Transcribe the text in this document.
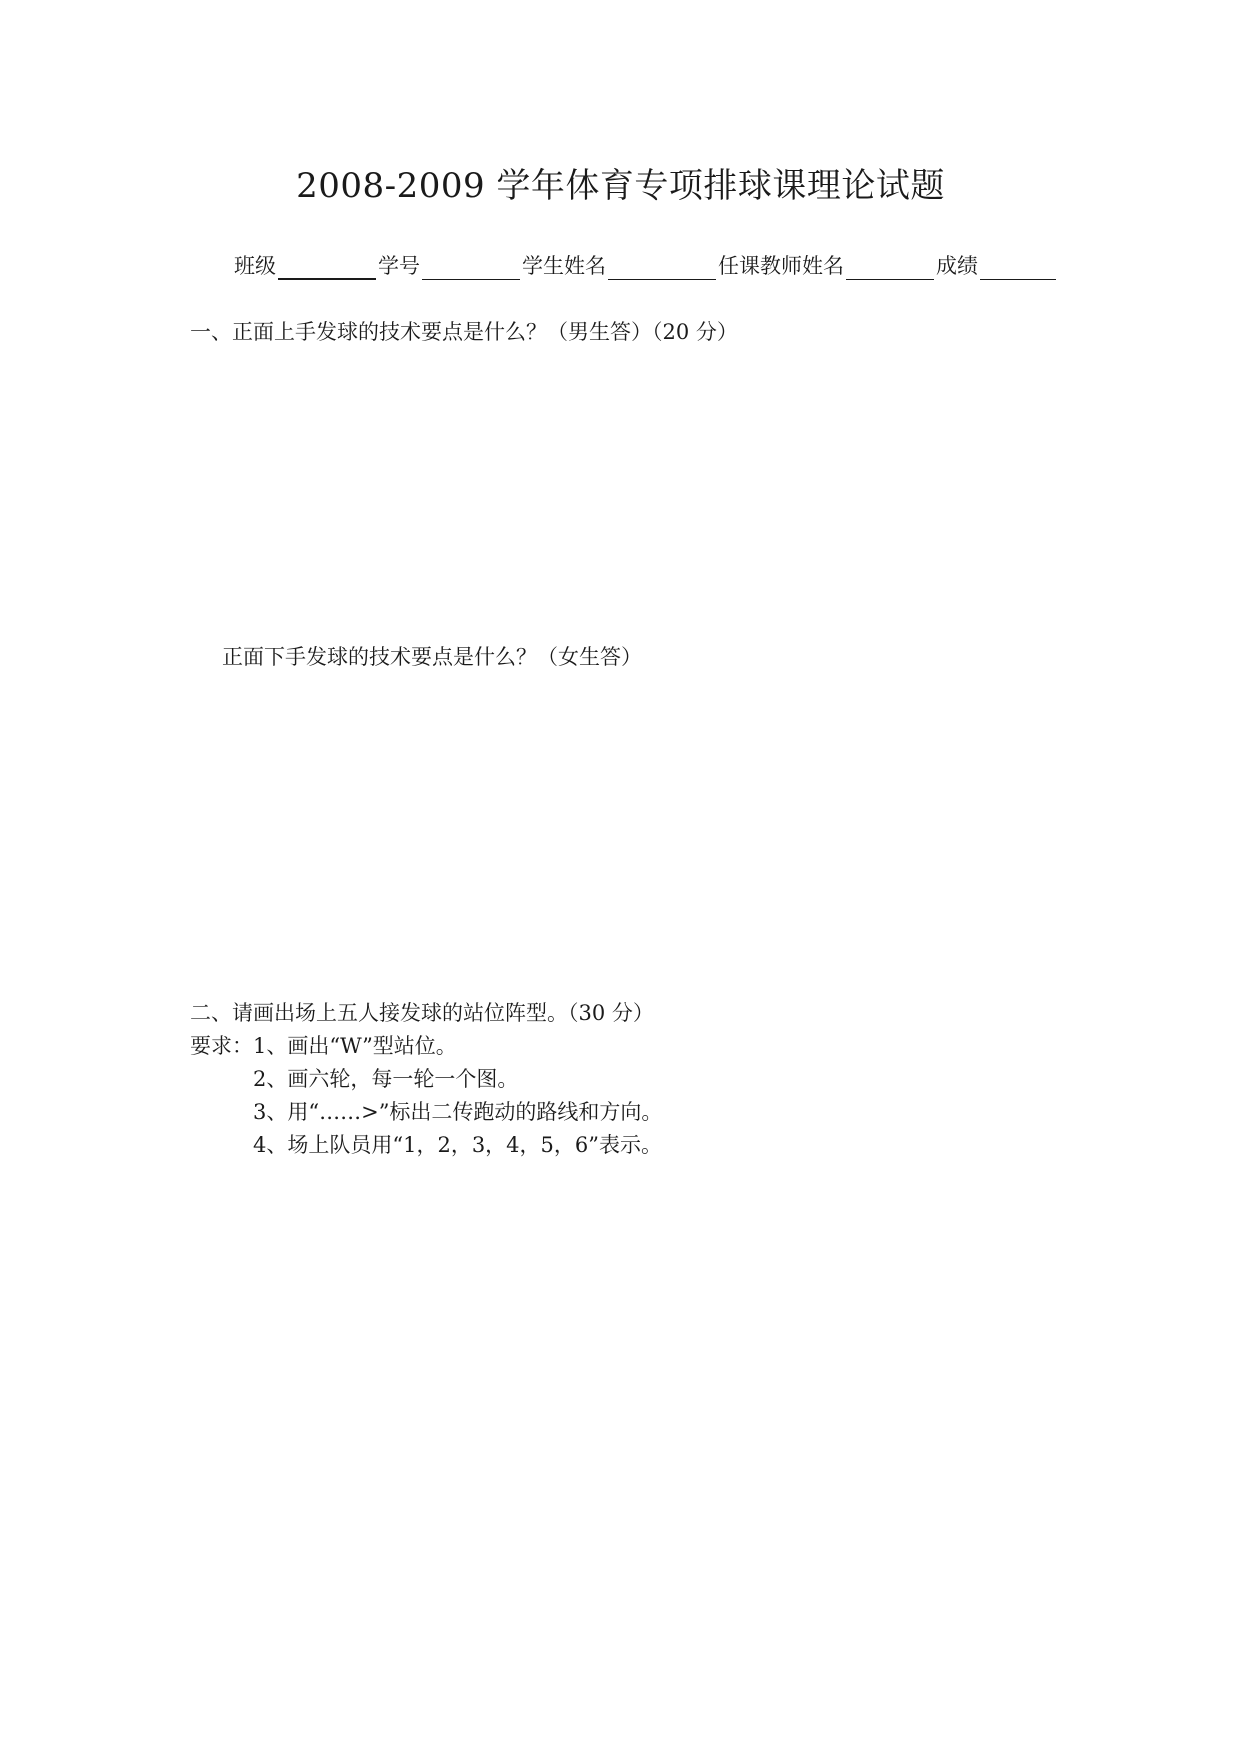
2008-2009 学年体育专项排球课理论试题
班级	学号	学生姓名	任课教师姓名	成绩
一、正面上手发球的技术要点是什么？（男生答）（20 分）
正面下手发球的技术要点是什么？（女生答）
二、请画出场上五人接发球的站位阵型。（30 分）
要求：1、画出“W”型站位。
2、画六轮，每一轮一个图。
3、用“……>”标出二传跑动的路线和方向。
4、场上队员用“1，2，3，4，5，6”表示。
